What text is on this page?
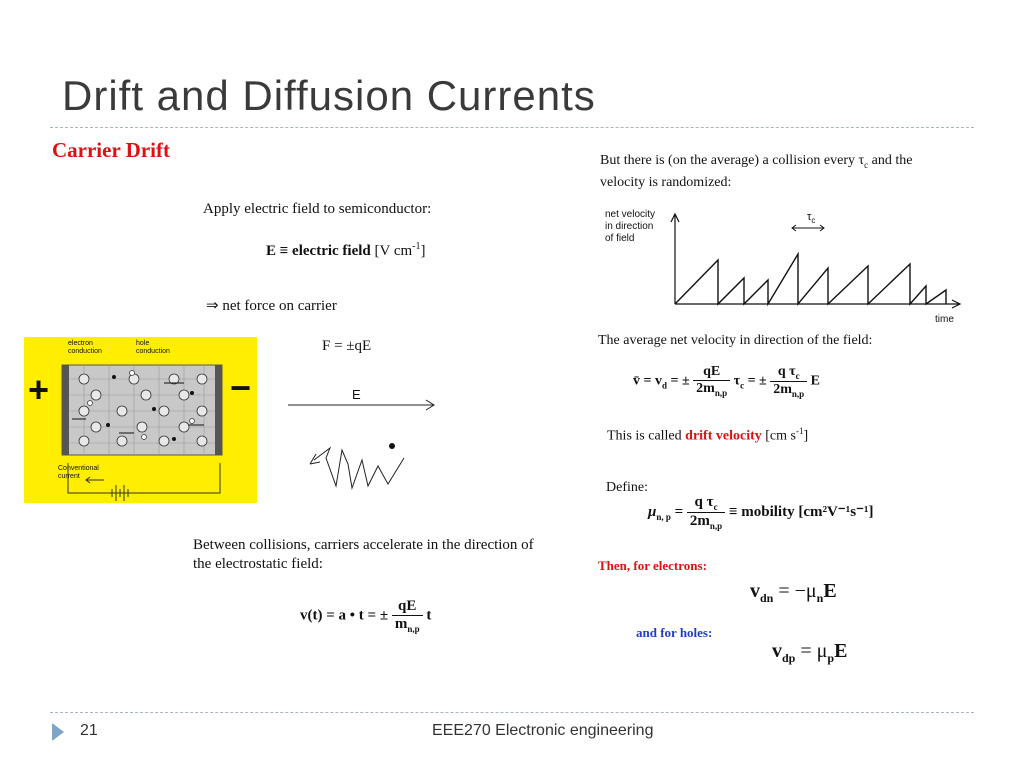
Drift and Diffusion Currents
Carrier Drift
Apply electric field to semiconductor:
E ≡ electric field [V $cm^{-1}$]
⇒ net force on carrier
F = ±qE
E
+	−
electron conduction
hole conduction
Conventional current
Between collisions, carriers accelerate in the direction of
the electrostatic field:
v(t) = a • t = ± $\frac{qE}{m_{n,p}}$ t
But there is (on the average) a collision every $\tau_c$ and the
velocity is randomized:
net velocity
in direction
of field
$\tau_c$
time
The average net velocity in direction of the field:
v̄ = $v_d$ = ± $\frac{qE}{2m_{n,p}} \tau_c$ = ± $\frac{q \tau_c}{2m_{n,p}}$ E
This is called drift velocity [cm $s^{-1}$]
Define:
$\mu_{n, p} = \frac{q \tau_c}{2m_{n,p}}$ ≡ mobility [cm²V⁻¹s⁻¹]
Then, for electrons:
$v_{dn} = -\mu_nE$
and for holes:
$v_{dp} = \mu_pE$
21	EEE270 Electronic engineering
